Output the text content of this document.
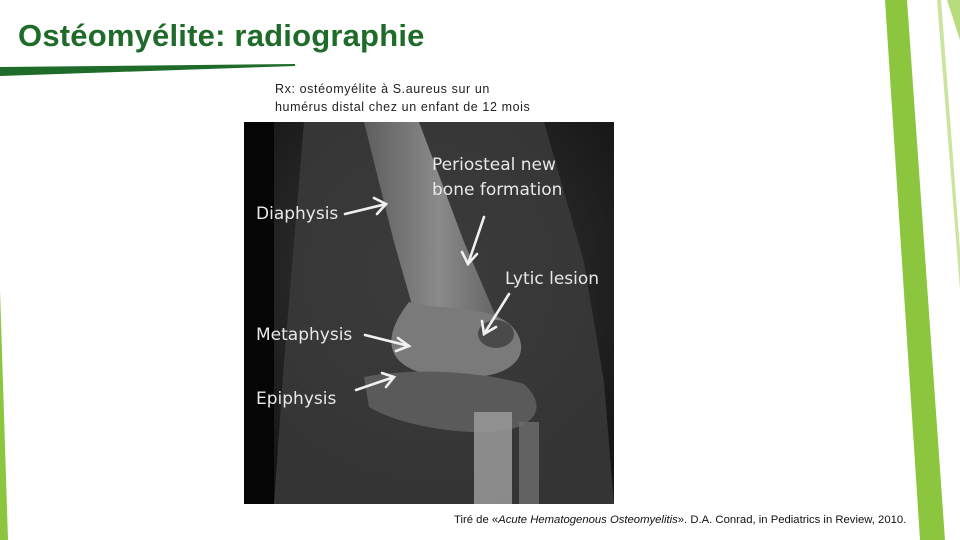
Ostéomyélite: radiographie
Rx: ostéomyélite à S.aureus sur un
humérus distal chez un enfant de 12 mois
Periosteal new
bone formation
Diaphysis
Lytic lesion
Metaphysis
Epiphysis
Tiré de «Acute Hematogenous Osteomyelitis». D.A. Conrad, in Pediatrics in Review, 2010.
